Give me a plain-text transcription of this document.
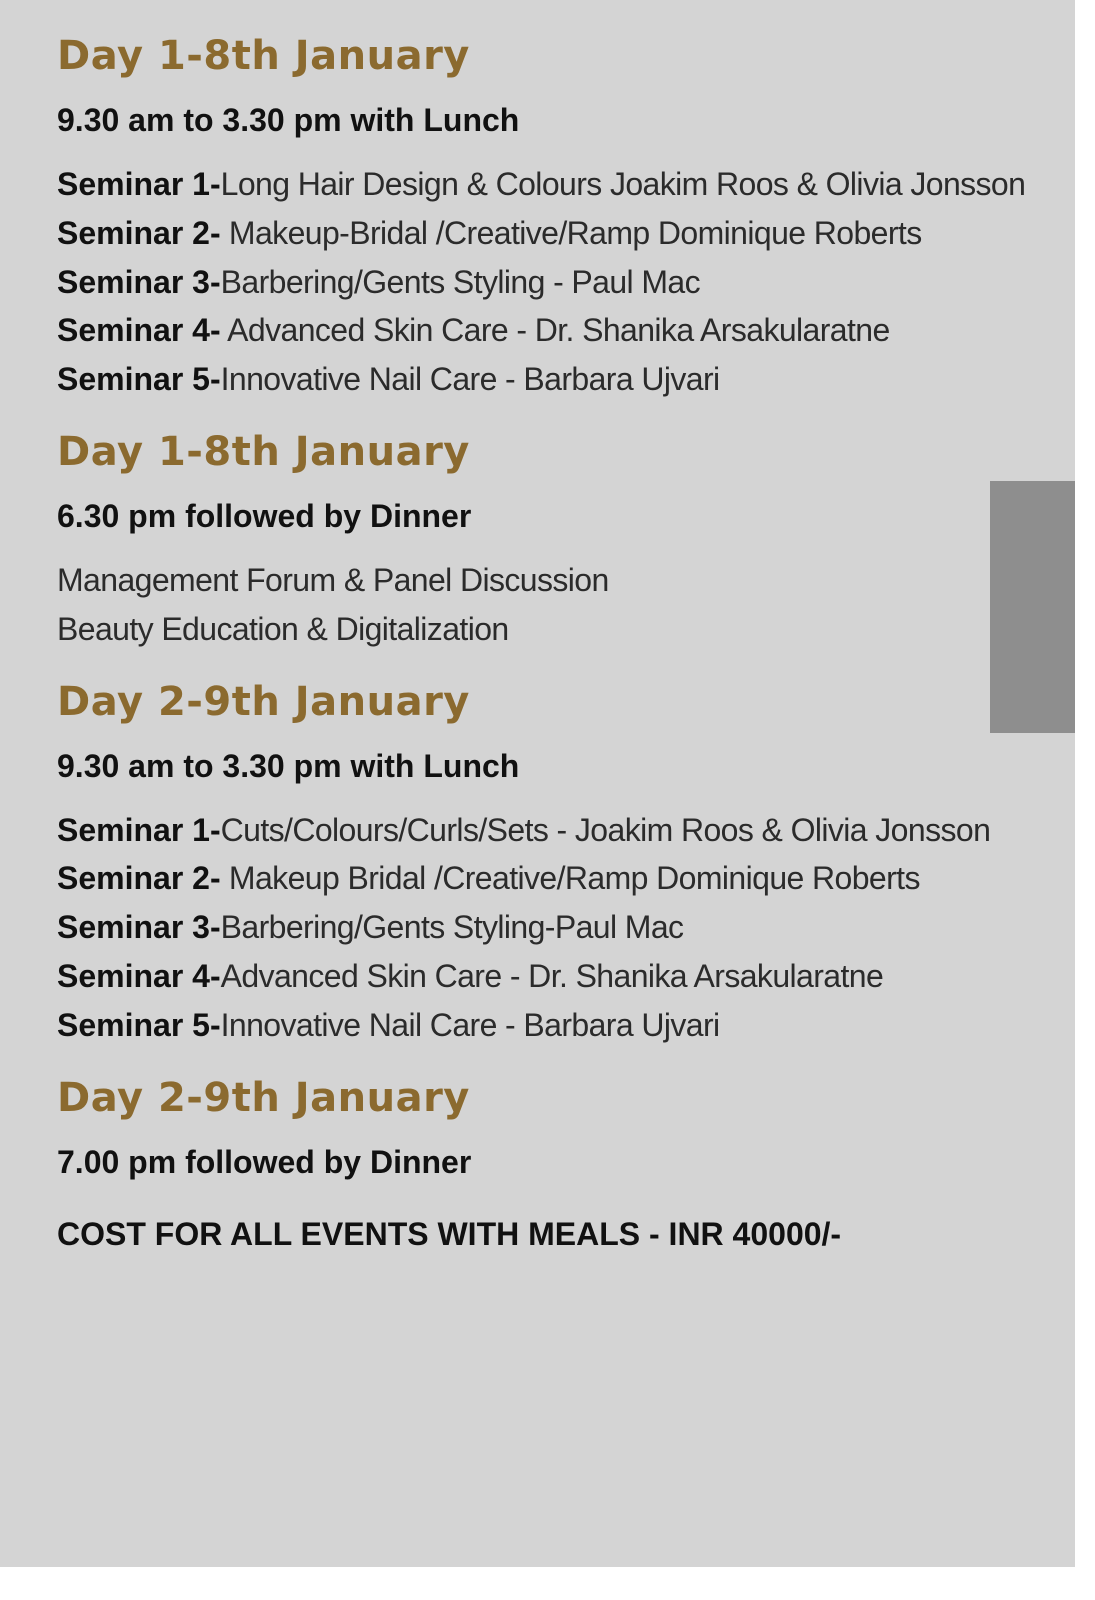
Day 1-8th January

9.30 am to 3.30 pm with Lunch

Seminar 1-Long Hair Design & Colours Joakim Roos & Olivia Jonsson
Seminar 2- Makeup-Bridal /Creative/Ramp Dominique Roberts
Seminar 3-Barbering/Gents Styling - Paul Mac
Seminar 4- Advanced Skin Care - Dr. Shanika Arsakularatne
Seminar 5-Innovative Nail Care - Barbara Ujvari
Day 1-8th January

6.30 pm followed by Dinner

Management Forum & Panel Discussion
Beauty Education & Digitalization
Day 2-9th January

9.30 am to 3.30 pm with Lunch

Seminar 1-Cuts/Colours/Curls/Sets - Joakim Roos & Olivia Jonsson
Seminar 2- Makeup Bridal /Creative/Ramp Dominique Roberts
Seminar 3-Barbering/Gents Styling-Paul Mac
Seminar 4-Advanced Skin Care - Dr. Shanika Arsakularatne
Seminar 5-Innovative Nail Care - Barbara Ujvari
Day 2-9th January

7.00 pm followed by Dinner

COST FOR ALL EVENTS WITH MEALS - INR 40000/-
